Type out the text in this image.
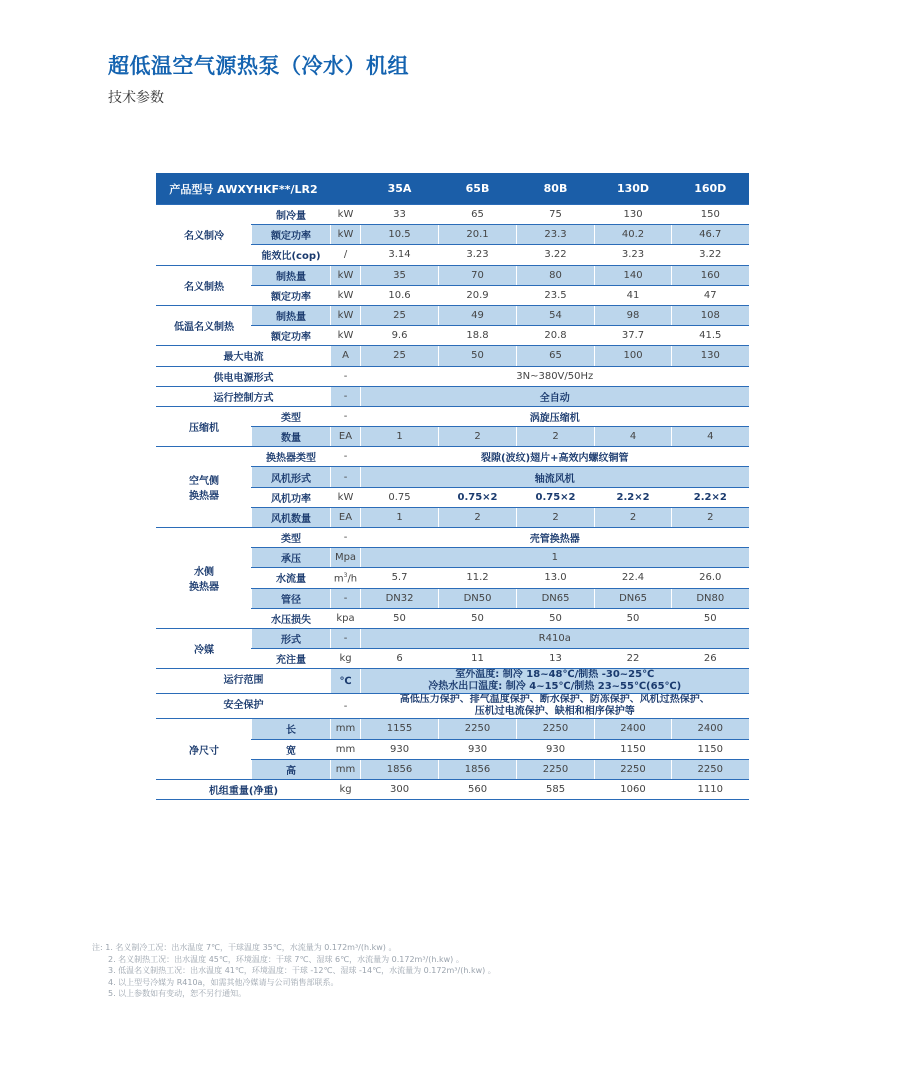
超低温空气源热泵（冷水）机组
技术参数
产品型号 AWXYHKF**/LR2			35A	65B	80B	130D	160D
名义制冷	制冷量	kW	33	65	75	130	150
	额定功率	kW	10.5	20.1	23.3	40.2	46.7
	能效比(cop)	/	3.14	3.23	3.22	3.23	3.22
名义制热	制热量	kW	35	70	80	140	160
	额定功率	kW	10.6	20.9	23.5	41	47
低温名义制热	制热量	kW	25	49	54	98	108
	额定功率	kW	9.6	18.8	20.8	37.7	41.5
最大电流		A	25	50	65	100	130
供电电源形式		-	3N~380V/50Hz				
运行控制方式		-	全自动				
压缩机	类型	-	涡旋压缩机				
	数量	EA	1	2	2	4	4
空气侧
换热器	换热器类型	-	裂隙(波纹)翅片+高效内螺纹铜管				
	风机形式	-	轴流风机				
	风机功率	kW	0.75	0.75×2	0.75×2	2.2×2	2.2×2
	风机数量	EA	1	2	2	2	2
水侧
换热器	类型	-	壳管换热器				
	承压	Mpa	1				
	水流量	$m^3/h$	5.7	11.2	13.0	22.4	26.0
	管径	-	DN32	DN50	DN65	DN65	DN80
	水压损失	kpa	50	50	50	50	50
冷媒	形式	-	R410a				
	充注量	kg	6	11	13	22	26
运行范围		℃	室外温度: 制冷 18~48℃/制热 -30~25℃
冷热水出口温度: 制冷 4~15℃/制热 23~55℃(65℃)				
安全保护		-	高低压力保护、排气温度保护、断水保护、防冻保护、风机过热保护、
压机过电流保护、缺相和相序保护等				
净尺寸	长	mm	1155	2250	2250	2400	2400
	宽	mm	930	930	930	1150	1150
	高	mm	1856	1856	2250	2250	2250
机组重量(净重)		kg	300	560	585	1060	1110
注: 1. 名义制冷工况：出水温度 7℃，干球温度 35℃，水流量为 0.172m³/(h.kw) 。
2. 名义制热工况：出水温度 45℃，环境温度：干球 7℃、湿球 6℃，水流量为 0.172m³/(h.kw) 。
3. 低温名义制热工况：出水温度 41℃，环境温度：干球 -12℃、湿球 -14℃，水流量为 0.172m³/(h.kw) 。
4. 以上型号冷媒为 R410a，如需其他冷媒请与公司销售部联系。
5. 以上参数如有变动，恕不另行通知。
